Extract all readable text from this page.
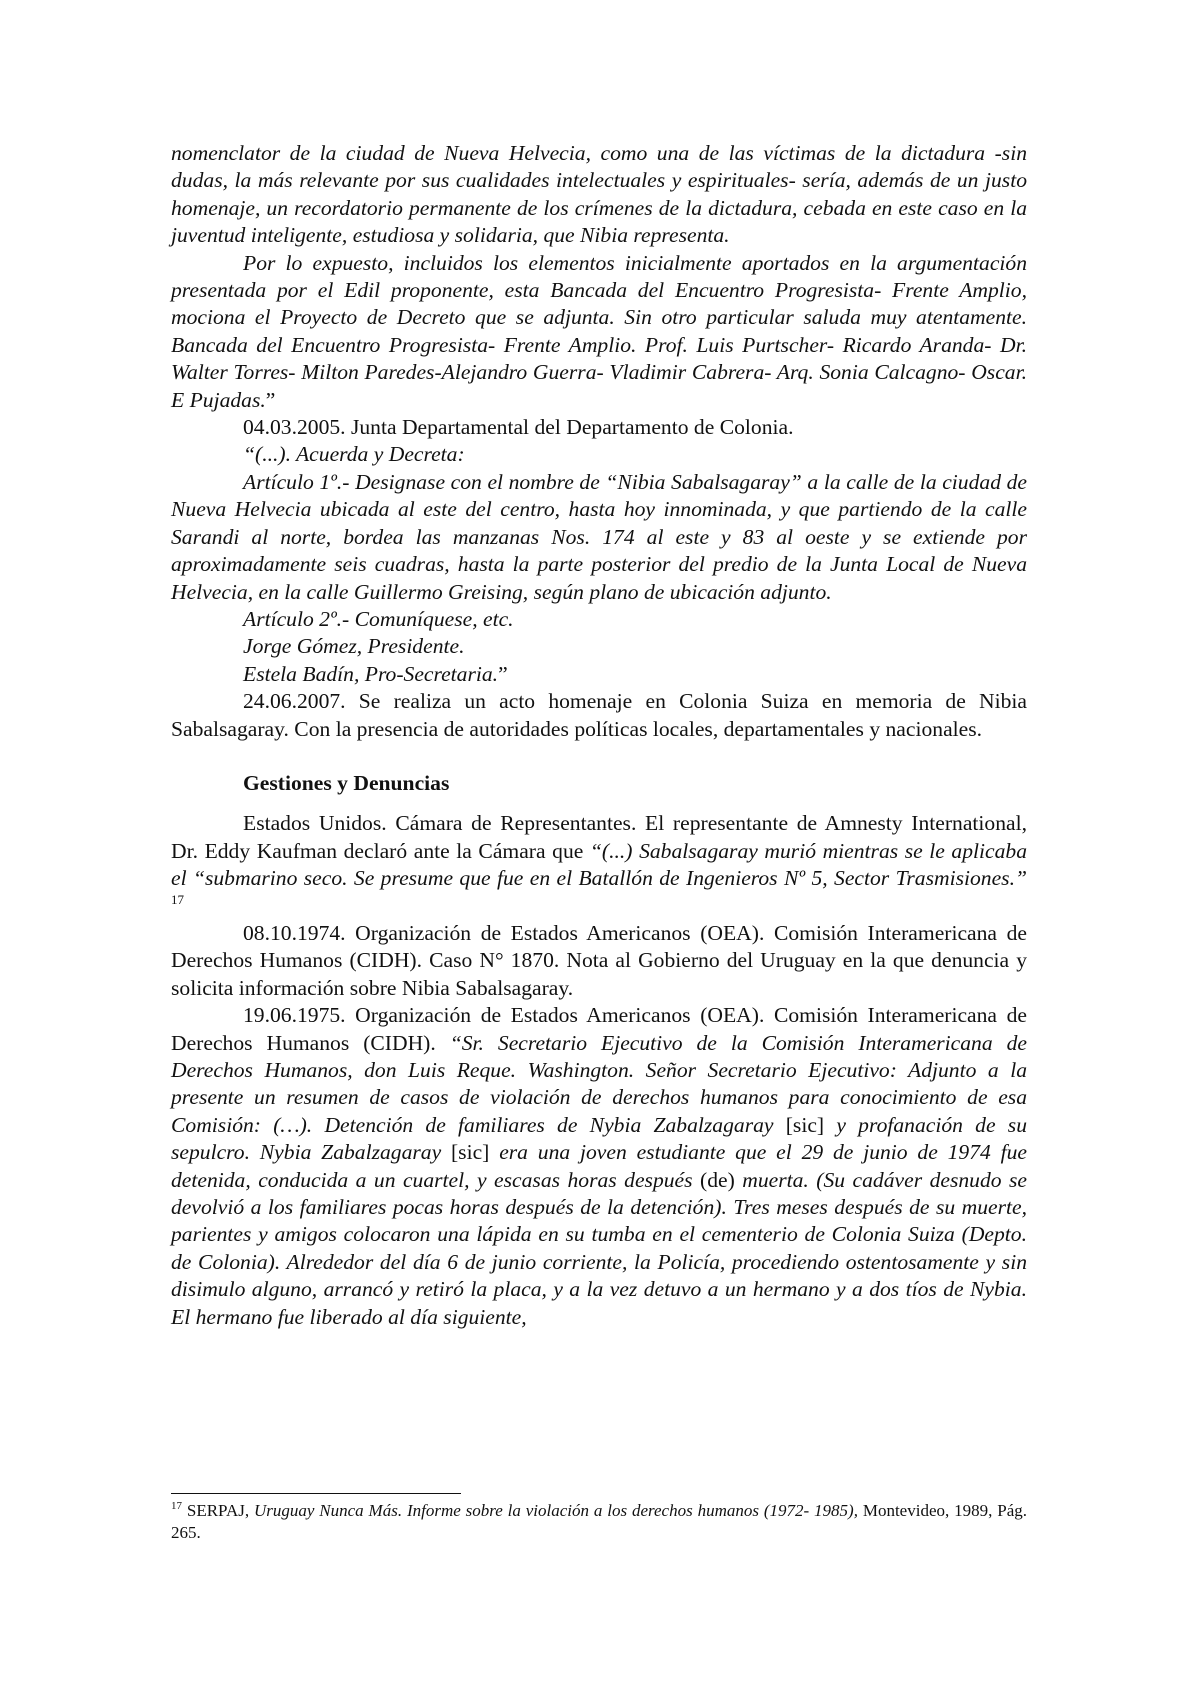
nomenclator de la ciudad de Nueva Helvecia, como una de las víctimas de la dictadura -sin dudas, la más relevante por sus cualidades intelectuales y espirituales- sería, además de un justo homenaje, un recordatorio permanente de los crímenes de la dictadura, cebada en este caso en la juventud inteligente, estudiosa y solidaria, que Nibia representa.

Por lo expuesto, incluidos los elementos inicialmente aportados en la argumentación presentada por el Edil proponente, esta Bancada del Encuentro Progresista- Frente Amplio, mociona el Proyecto de Decreto que se adjunta. Sin otro particular saluda muy atentamente. Bancada del Encuentro Progresista- Frente Amplio. Prof. Luis Purtscher- Ricardo Aranda- Dr. Walter Torres- Milton Paredes-Alejandro Guerra- Vladimir Cabrera- Arq. Sonia Calcagno- Oscar. E Pujadas.”

04.03.2005. Junta Departamental del Departamento de Colonia.

“(...). Acuerda y Decreta:

Artículo 1º.- Designase con el nombre de “Nibia Sabalsagaray” a la calle de la ciudad de Nueva Helvecia ubicada al este del centro, hasta hoy innominada, y que partiendo de la calle Sarandi al norte, bordea las manzanas Nos. 174 al este y 83 al oeste y se extiende por aproximadamente seis cuadras, hasta la parte posterior del predio de la Junta Local de Nueva Helvecia, en la calle Guillermo Greising, según plano de ubicación adjunto.

Artículo 2º.- Comuníquese, etc.

Jorge Gómez, Presidente.

Estela Badín, Pro-Secretaria.”

24.06.2007. Se realiza un acto homenaje en Colonia Suiza en memoria de Nibia Sabalsagaray. Con la presencia de autoridades políticas locales, departamentales y nacionales.

Gestiones y Denuncias

Estados Unidos. Cámara de Representantes. El representante de Amnesty International, Dr. Eddy Kaufman declaró ante la Cámara que “(...) Sabalsagaray murió mientras se le aplicaba el “submarino seco. Se presume que fue en el Batallón de Ingenieros Nº 5, Sector Trasmisiones.” $^{17}$

08.10.1974. Organización de Estados Americanos (OEA). Comisión Interamericana de Derechos Humanos (CIDH). Caso N° 1870. Nota al Gobierno del Uruguay en la que denuncia y solicita información sobre Nibia Sabalsagaray.

19.06.1975. Organización de Estados Americanos (OEA). Comisión Interamericana de Derechos Humanos (CIDH). “Sr. Secretario Ejecutivo de la Comisión Interamericana de Derechos Humanos, don Luis Reque. Washington. Señor Secretario Ejecutivo: Adjunto a la presente un resumen de casos de violación de derechos humanos para conocimiento de esa Comisión: (…). Detención de familiares de Nybia Zabalzagaray [sic] y profanación de su sepulcro. Nybia Zabalzagaray [sic] era una joven estudiante que el 29 de junio de 1974 fue detenida, conducida a un cuartel, y escasas horas después (de) muerta. (Su cadáver desnudo se devolvió a los familiares pocas horas después de la detención). Tres meses después de su muerte, parientes y amigos colocaron una lápida en su tumba en el cementerio de Colonia Suiza (Depto. de Colonia). Alrededor del día 6 de junio corriente, la Policía, procediendo ostentosamente y sin disimulo alguno, arrancó y retiró la placa, y a la vez detuvo a un hermano y a dos tíos de Nybia. El hermano fue liberado al día siguiente,

$^{17}$ SERPAJ, Uruguay Nunca Más. Informe sobre la violación a los derechos humanos (1972- 1985), Montevideo, 1989, Pág. 265.
